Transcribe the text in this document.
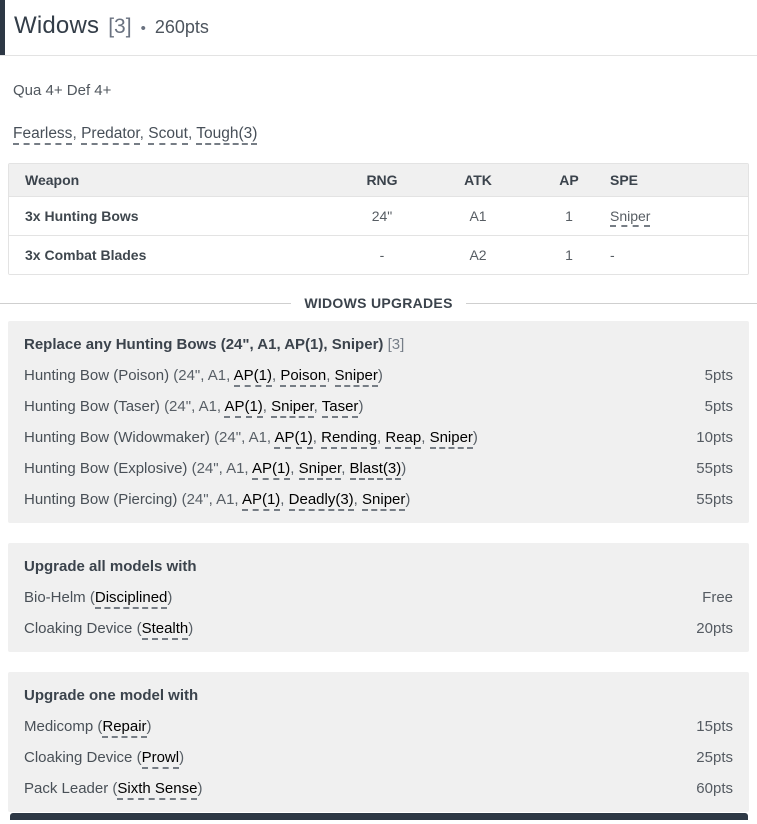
Widows [3] • 260pts
Qua 4+ Def 4+
Fearless, Predator, Scout, Tough(3)
Weapon	RNG	ATK	AP	SPE
3x Hunting Bows	24"	A1	1	Sniper
3x Combat Blades	-	A2	1	-
WIDOWS UPGRADES
Replace any Hunting Bows (24", A1, AP(1), Sniper) [3]
Hunting Bow (Poison) (24", A1, AP(1), Poison, Sniper)	5pts
Hunting Bow (Taser) (24", A1, AP(1), Sniper, Taser)	5pts
Hunting Bow (Widowmaker) (24", A1, AP(1), Rending, Reap, Sniper)	10pts
Hunting Bow (Explosive) (24", A1, AP(1), Sniper, Blast(3))	55pts
Hunting Bow (Piercing) (24", A1, AP(1), Deadly(3), Sniper)	55pts
Upgrade all models with
Bio-Helm (Disciplined)	Free
Cloaking Device (Stealth)	20pts
Upgrade one model with
Medicomp (Repair)	15pts
Cloaking Device (Prowl)	25pts
Pack Leader (Sixth Sense)	60pts
